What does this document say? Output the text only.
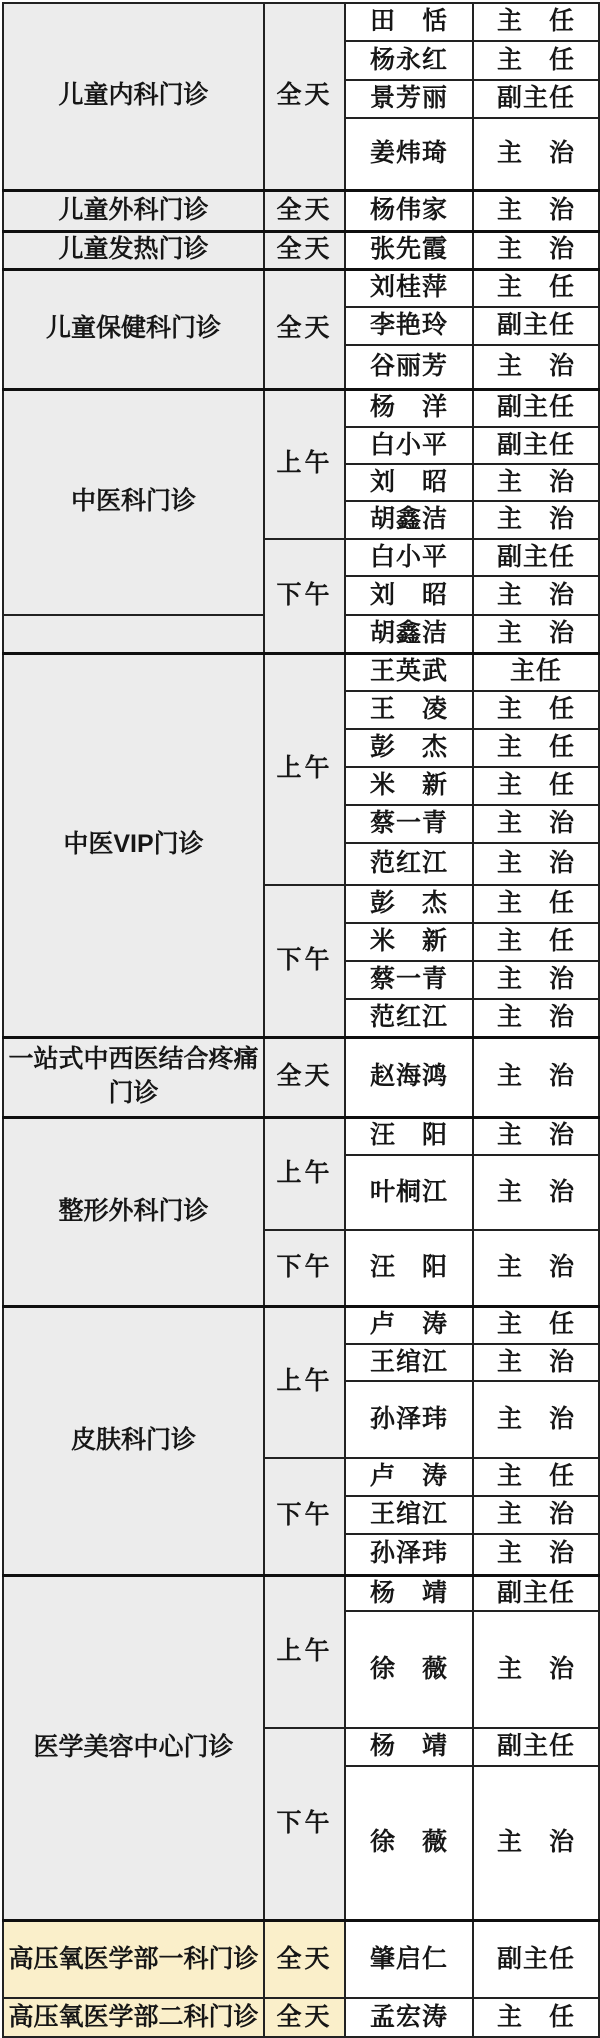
儿童内科门诊	全天	田　恬	主　任
		杨永红	主　任
		景芳丽	副主任
		姜炜琦	主　治
儿童外科门诊	全天	杨伟家	主　治
儿童发热门诊	全天	张先霞	主　治
儿童保健科门诊	全天	刘桂萍	主　任
		李艳玲	副主任
		谷丽芳	主　治
中医科门诊	上午	杨　洋	副主任
		白小平	副主任
		刘　昭	主　治
		胡鑫洁	主　治
	下午	白小平	副主任
		刘　昭	主　治
		胡鑫洁	主　治
中医VIP门诊	上午	王英武	主任
		王　凌	主　任
		彭　杰	主　任
		米　新	主　任
		蔡一青	主　治
		范红江	主　治
	下午	彭　杰	主　任
		米　新	主　任
		蔡一青	主　治
		范红江	主　治
一站式中西医结合疼痛门诊	全天	赵海鸿	主　治
整形外科门诊	上午	汪　阳	主　治
		叶桐江	主　治
	下午	汪　阳	主　治
皮肤科门诊	上午	卢　涛	主　任
		王绾江	主　治
		孙泽玮	主　治
	下午	卢　涛	主　任
		王绾江	主　治
		孙泽玮	主　治
医学美容中心门诊	上午	杨　靖	副主任
		徐　薇	主　治
	下午	杨　靖	副主任
		徐　薇	主　治
高压氧医学部一科门诊	全天	肇启仁	副主任
高压氧医学部二科门诊	全天	孟宏涛	主　任
